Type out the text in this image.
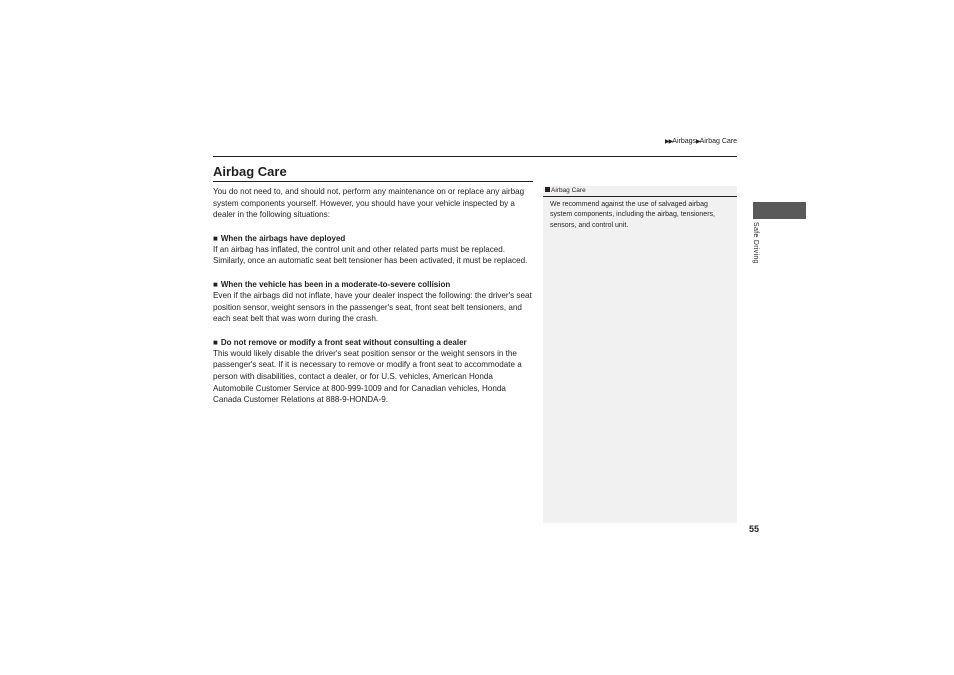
▶▶Airbags▶Airbag Care
Airbag Care

You do not need to, and should not, perform any maintenance on or replace any airbag system components yourself. However, you should have your vehicle inspected by a dealer in the following situations:

■ When the airbags have deployed

If an airbag has inflated, the control unit and other related parts must be replaced. Similarly, once an automatic seat belt tensioner has been activated, it must be replaced.

■ When the vehicle has been in a moderate-to-severe collision

Even if the airbags did not inflate, have your dealer inspect the following: the driver's seat position sensor, weight sensors in the passenger's seat, front seat belt tensioners, and each seat belt that was worn during the crash.

■ Do not remove or modify a front seat without consulting a dealer

This would likely disable the driver's seat position sensor or the weight sensors in the passenger's seat. If it is necessary to remove or modify a front seat to accommodate a person with disabilities, contact a dealer, or for U.S. vehicles, American Honda Automobile Customer Service at 800-999-1009 and for Canadian vehicles, Honda Canada Customer Relations at 888-9-HONDA-9.

Airbag Care

We recommend against the use of salvaged airbag system components, including the airbag, tensioners, sensors, and control unit.	Safe Driving
55
